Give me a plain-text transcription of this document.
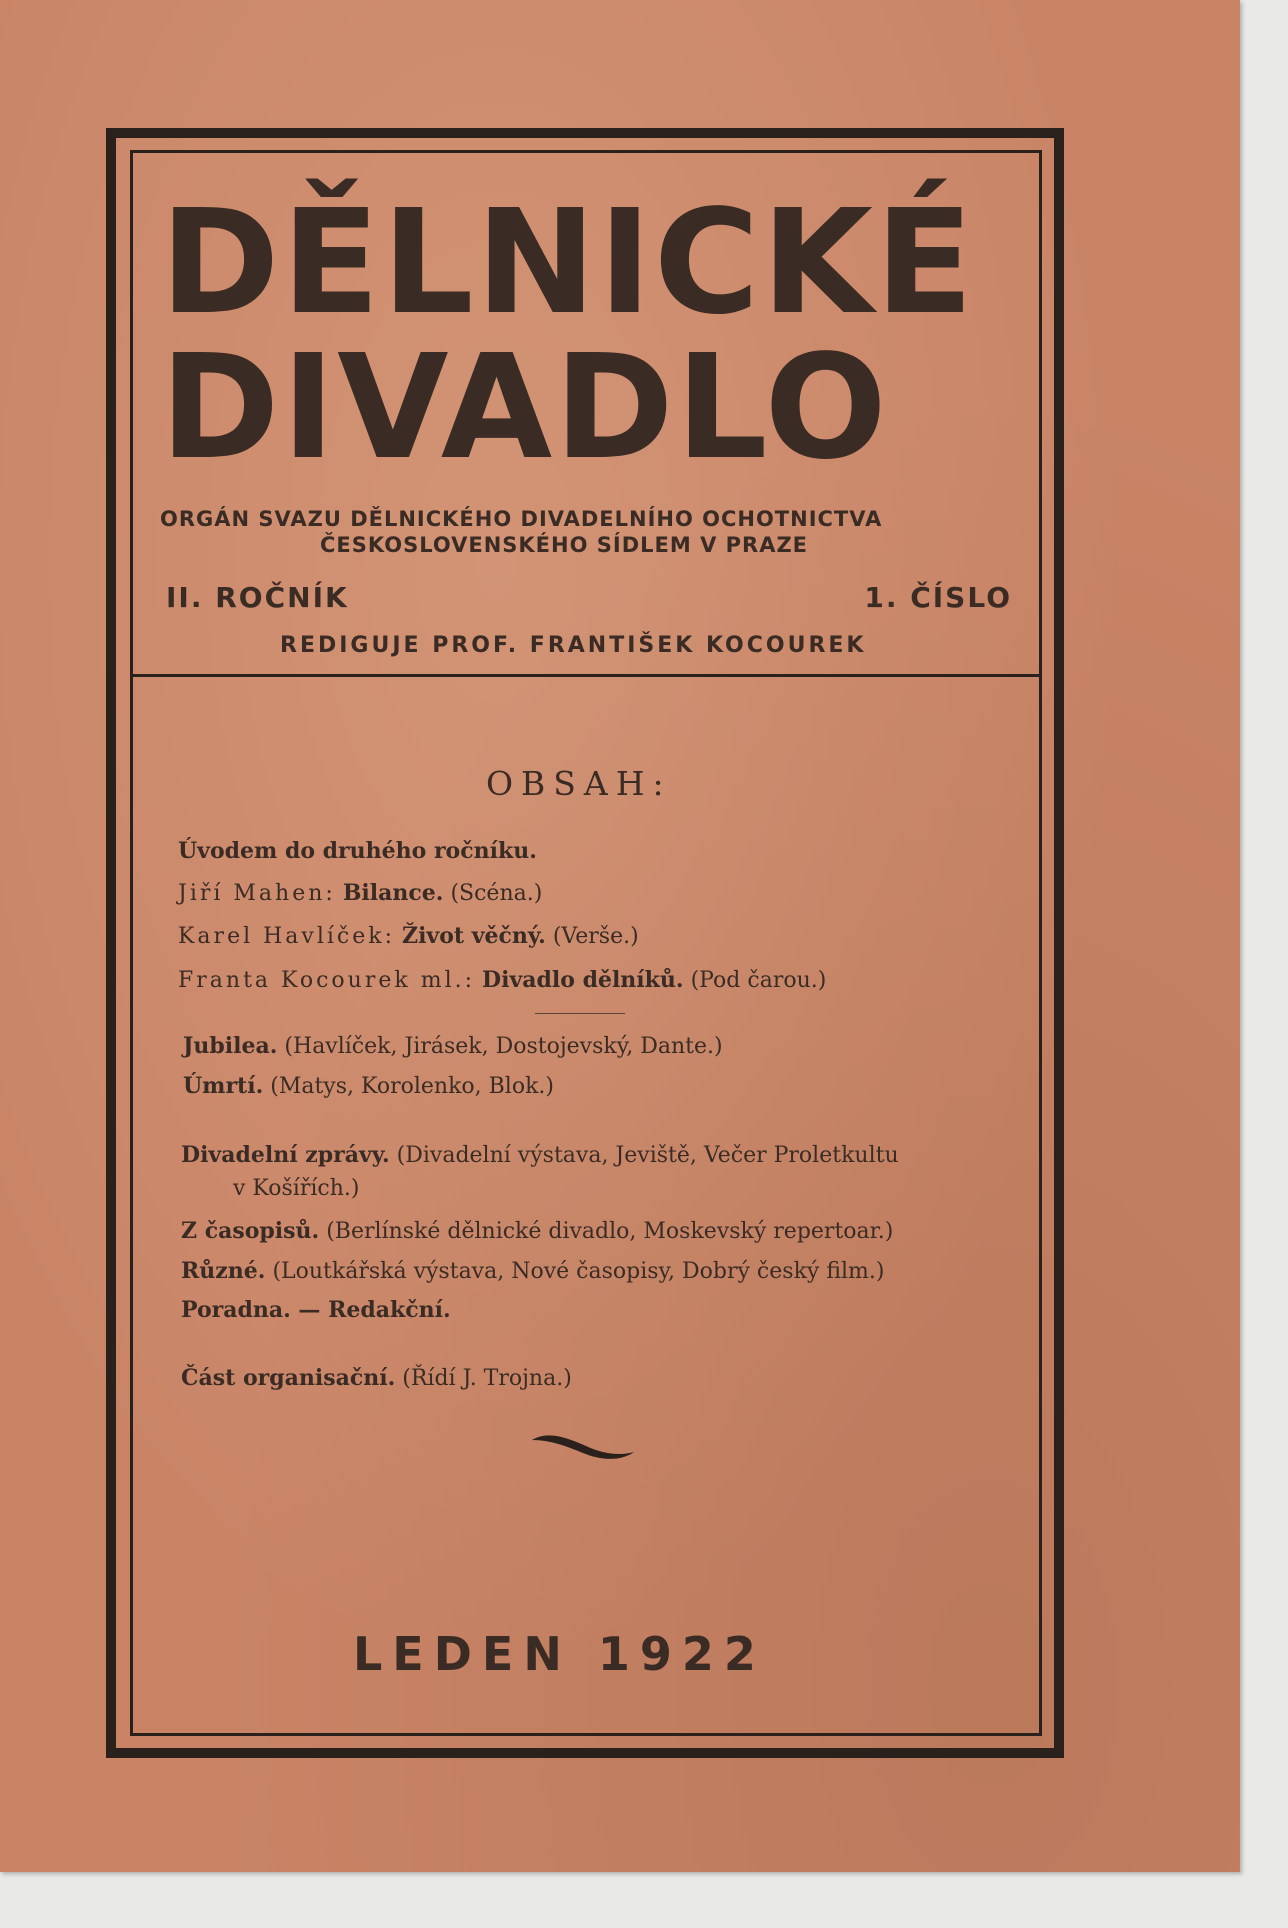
DĚLNICKÉ
DIVADLO

ORGÁN SVAZU DĚLNICKÉHO DIVADELNÍHO OCHOTNICTVA

ČESKOSLOVENSKÉHO SÍDLEM V PRAZE

II. ROČNÍK	1. ČÍSLO

REDIGUJE PROF. FRANTIŠEK KOCOUREK

OBSAH:

Úvodem do druhého ročníku.

Jiří Mahen: Bilance. (Scéna.)

Karel Havlíček: Život věčný. (Verše.)

Franta Kocourek ml.: Divadlo dělníků. (Pod čarou.)

Jubilea. (Havlíček, Jirásek, Dostojevský, Dante.)

Úmrtí. (Matys, Korolenko, Blok.)

Divadelní zprávy. (Divadelní výstava, Jeviště, Večer Proletkultu

v Košířích.)

Z časopisů. (Berlínské dělnické divadlo, Moskevský repertoar.)

Různé. (Loutkářská výstava, Nové časopisy, Dobrý český film.)

Poradna. — Redakční.

Část organisační. (Řídí J. Trojna.)

LEDEN 1922
